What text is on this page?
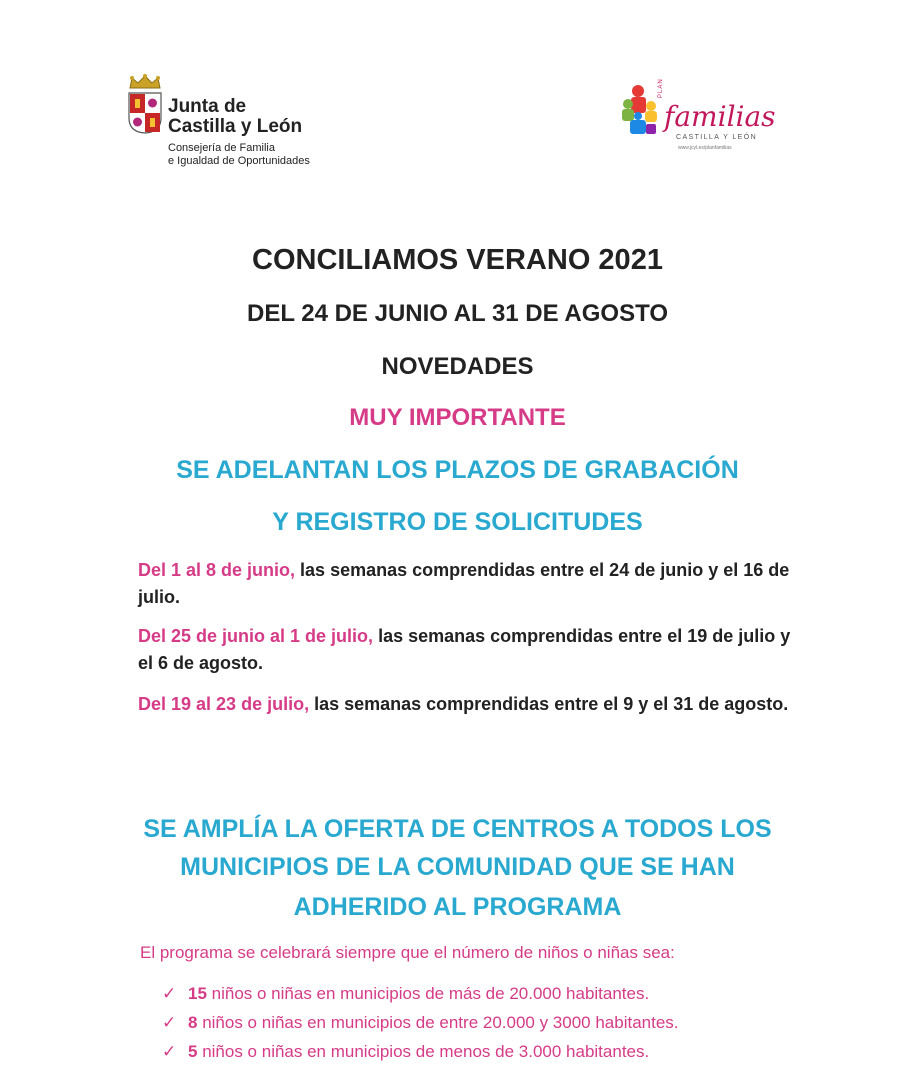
Junta de
Castilla y León
Consejería de Familia
e Igualdad de Oportunidades
PLAN
familias
CASTILLA Y LEÓN
www.jcyl.es/planfamilias
CONCILIAMOS VERANO 2021
DEL 24 DE JUNIO AL 31 DE AGOSTO
NOVEDADES
MUY IMPORTANTE
SE ADELANTAN LOS PLAZOS DE GRABACIÓN
Y REGISTRO DE SOLICITUDES
Del 1 al 8 de junio, las semanas comprendidas entre el 24 de junio y el 16 de julio.
Del 25 de junio al 1 de julio, las semanas comprendidas entre el 19 de julio y el 6 de agosto.
Del 19 al 23 de julio, las semanas comprendidas entre el 9 y el 31 de agosto.
SE AMPLÍA LA OFERTA DE CENTROS A TODOS LOS
MUNICIPIOS DE LA COMUNIDAD QUE SE HAN
ADHERIDO AL PROGRAMA
El programa se celebrará siempre que el número de niños o niñas sea:
✓ 15 niños o niñas en municipios de más de 20.000 habitantes.
✓ 8 niños o niñas en municipios de entre 20.000 y 3000 habitantes.
✓ 5 niños o niñas en municipios de menos de 3.000 habitantes.
